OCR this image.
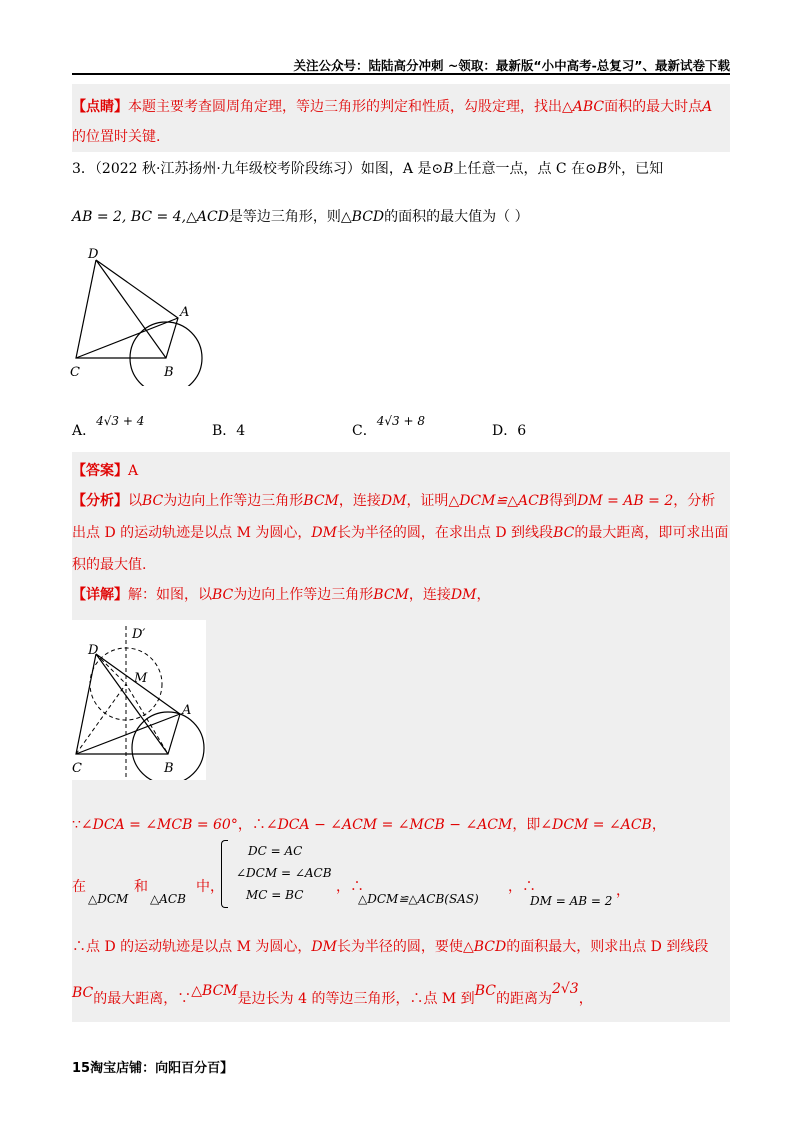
关注公众号：陆陆高分冲刺 ~领取：最新版“小中高考-总复习”、最新试卷下载
【点睛】本题主要考查圆周角定理，等边三角形的判定和性质，勾股定理，找出△ABC面积的最大时点A
的位置时关键.
3．（2022 秋·江苏扬州·九年级校考阶段练习）如图，A 是⊙B上任意一点，点 C 在⊙B外，已知
AB = 2, BC = 4,△ACD是等边三角形，则△BCD的面积的最大值为（ ）
D
A
C	B
A．4√3 + 4
B．4	C．4√3 + 8
D．6
【答案】A
【分析】以BC为边向上作等边三角形BCM，连接DM，证明△DCM≌△ACB得到DM = AB = 2，分析
出点 D 的运动轨迹是以点 M 为圆心，DM长为半径的圆，在求出点 D 到线段BC的最大距离，即可求出面
积的最大值.
【详解】解：如图，以BC为边向上作等边三角形BCM，连接DM，
D′
D
M
A
C	B
∵∠DCA = ∠MCB = 60°，∴∠DCA − ∠ACM = ∠MCB − ∠ACM，即∠DCM = ∠ACB，
在	和	中，
△DCM △ACB
DC = AC
∠DCM = ∠ACB
MC = BC ，∴
△DCM≌△ACB(SAS)
，∴
DM = AB = 2
，
∴点 D 的运动轨迹是以点 M 为圆心，DM长为半径的圆，要使△BCD的面积最大，则求出点 D 到线段
BC的最大距离，∵△BCM是边长为 4 的等边三角形，∴点 M 到BC的距离为2√3，
15淘宝店铺：向阳百分百】
